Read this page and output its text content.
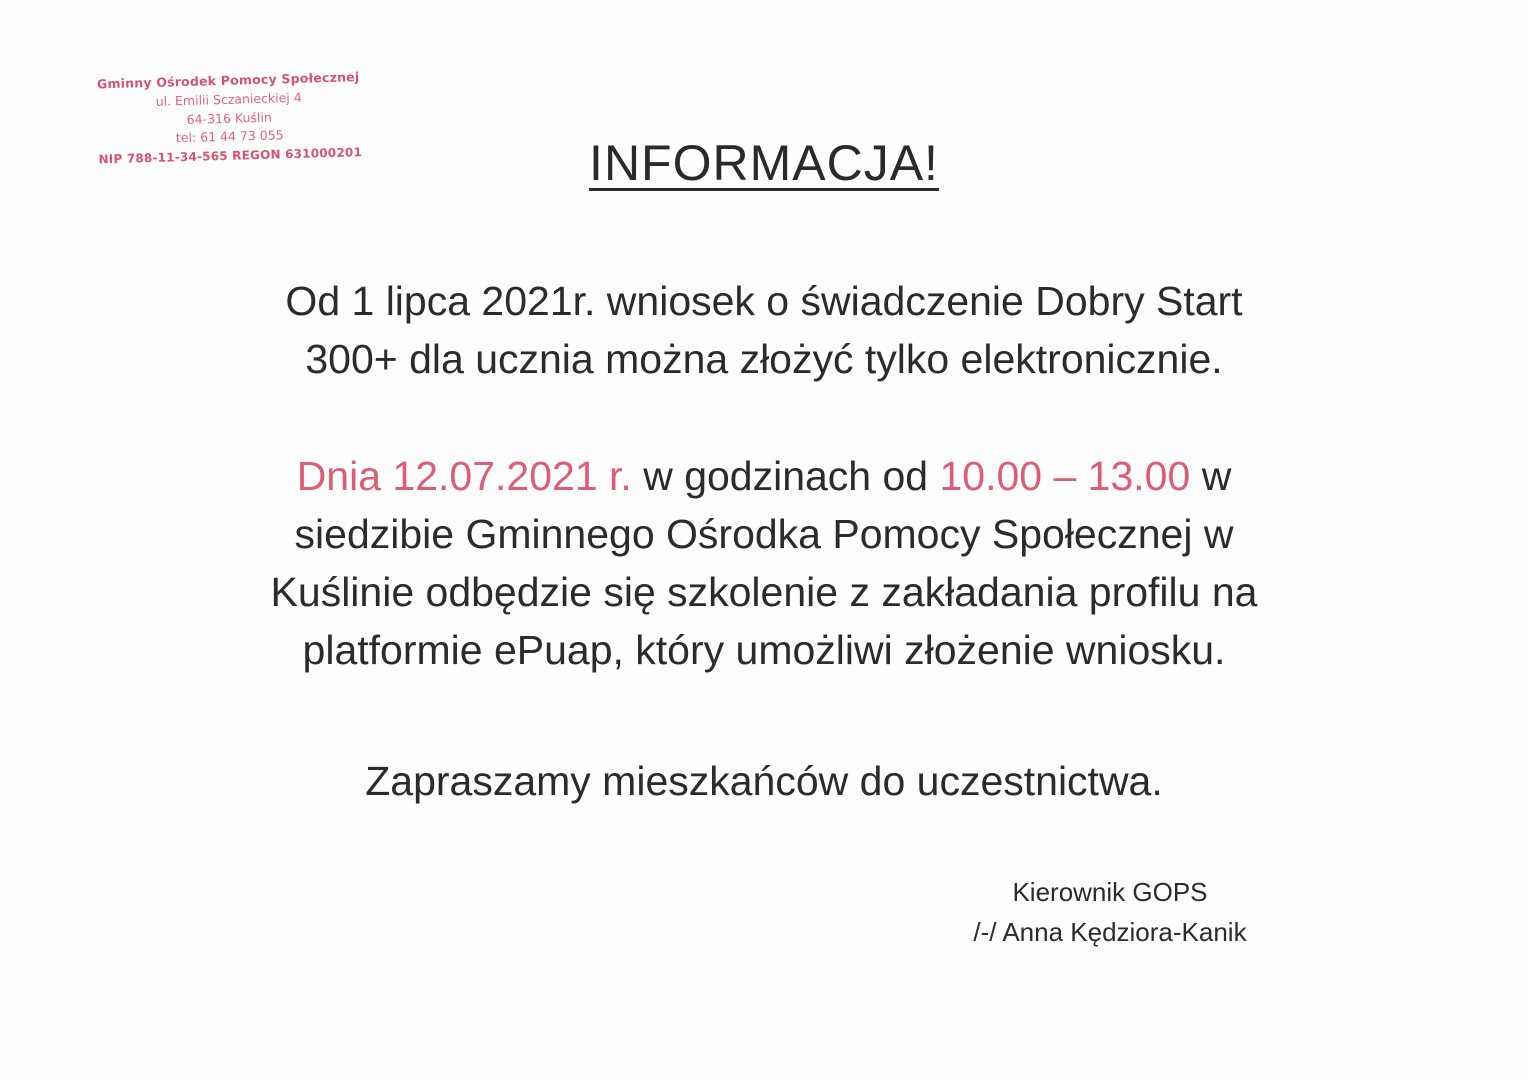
Gminny Ośrodek Pomocy Społecznej
ul. Emilii Sczanieckiej 4
64-316 Kuślin
tel: 61 44 73 055
NIP 788-11-34-565 REGON 631000201	INFORMACJA!
Od 1 lipca 2021r. wniosek o świadczenie Dobry Start
300+ dla ucznia można złożyć tylko elektronicznie.
Dnia 12.07.2021 r. w godzinach od 10.00 – 13.00 w
siedzibie Gminnego Ośrodka Pomocy Społecznej w
Kuślinie odbędzie się szkolenie z zakładania profilu na
platformie ePuap, który umożliwi złożenie wniosku.
Zapraszamy mieszkańców do uczestnictwa.
Kierownik GOPS
/-/ Anna Kędziora-Kanik
